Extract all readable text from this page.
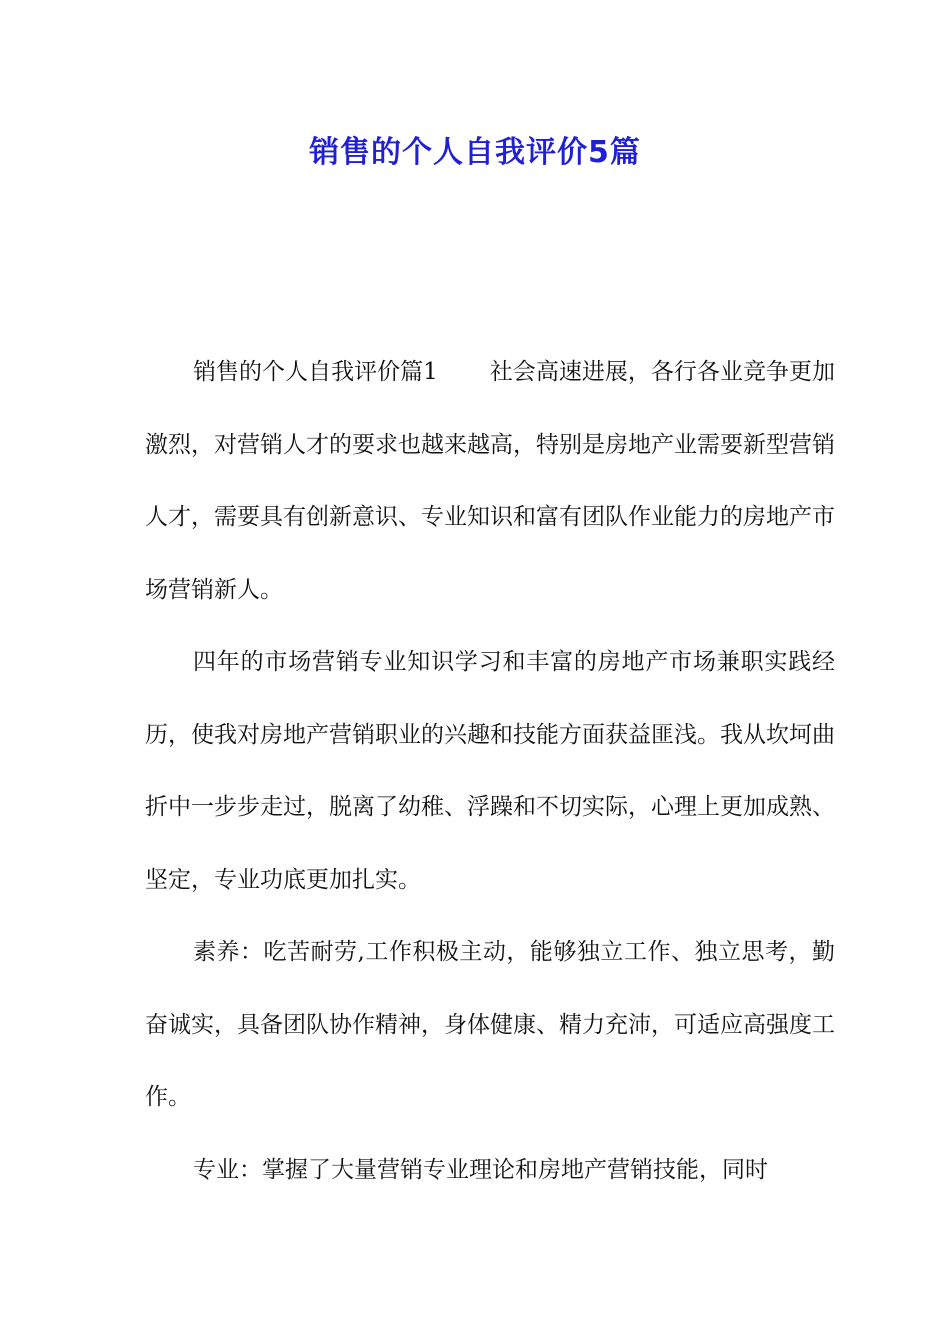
销售的个人自我评价5篇

销售的个人自我评价篇1 社会高速进展，各行各业竞争更加激烈，对营销人才的要求也越来越高，特别是房地产业需要新型营销人才，需要具有创新意识、专业知识和富有团队作业能力的房地产市场营销新人。

四年的市场营销专业知识学习和丰富的房地产市场兼职实践经历，使我对房地产营销职业的兴趣和技能方面获益匪浅。我从坎坷曲折中一步步走过，脱离了幼稚、浮躁和不切实际，心理上更加成熟、坚定，专业功底更加扎实。

素养：吃苦耐劳,工作积极主动，能够独立工作、独立思考，勤奋诚实，具备团队协作精神，身体健康、精力充沛，可适应高强度工作。

专业：掌握了大量营销专业理论和房地产营销技能，同时
